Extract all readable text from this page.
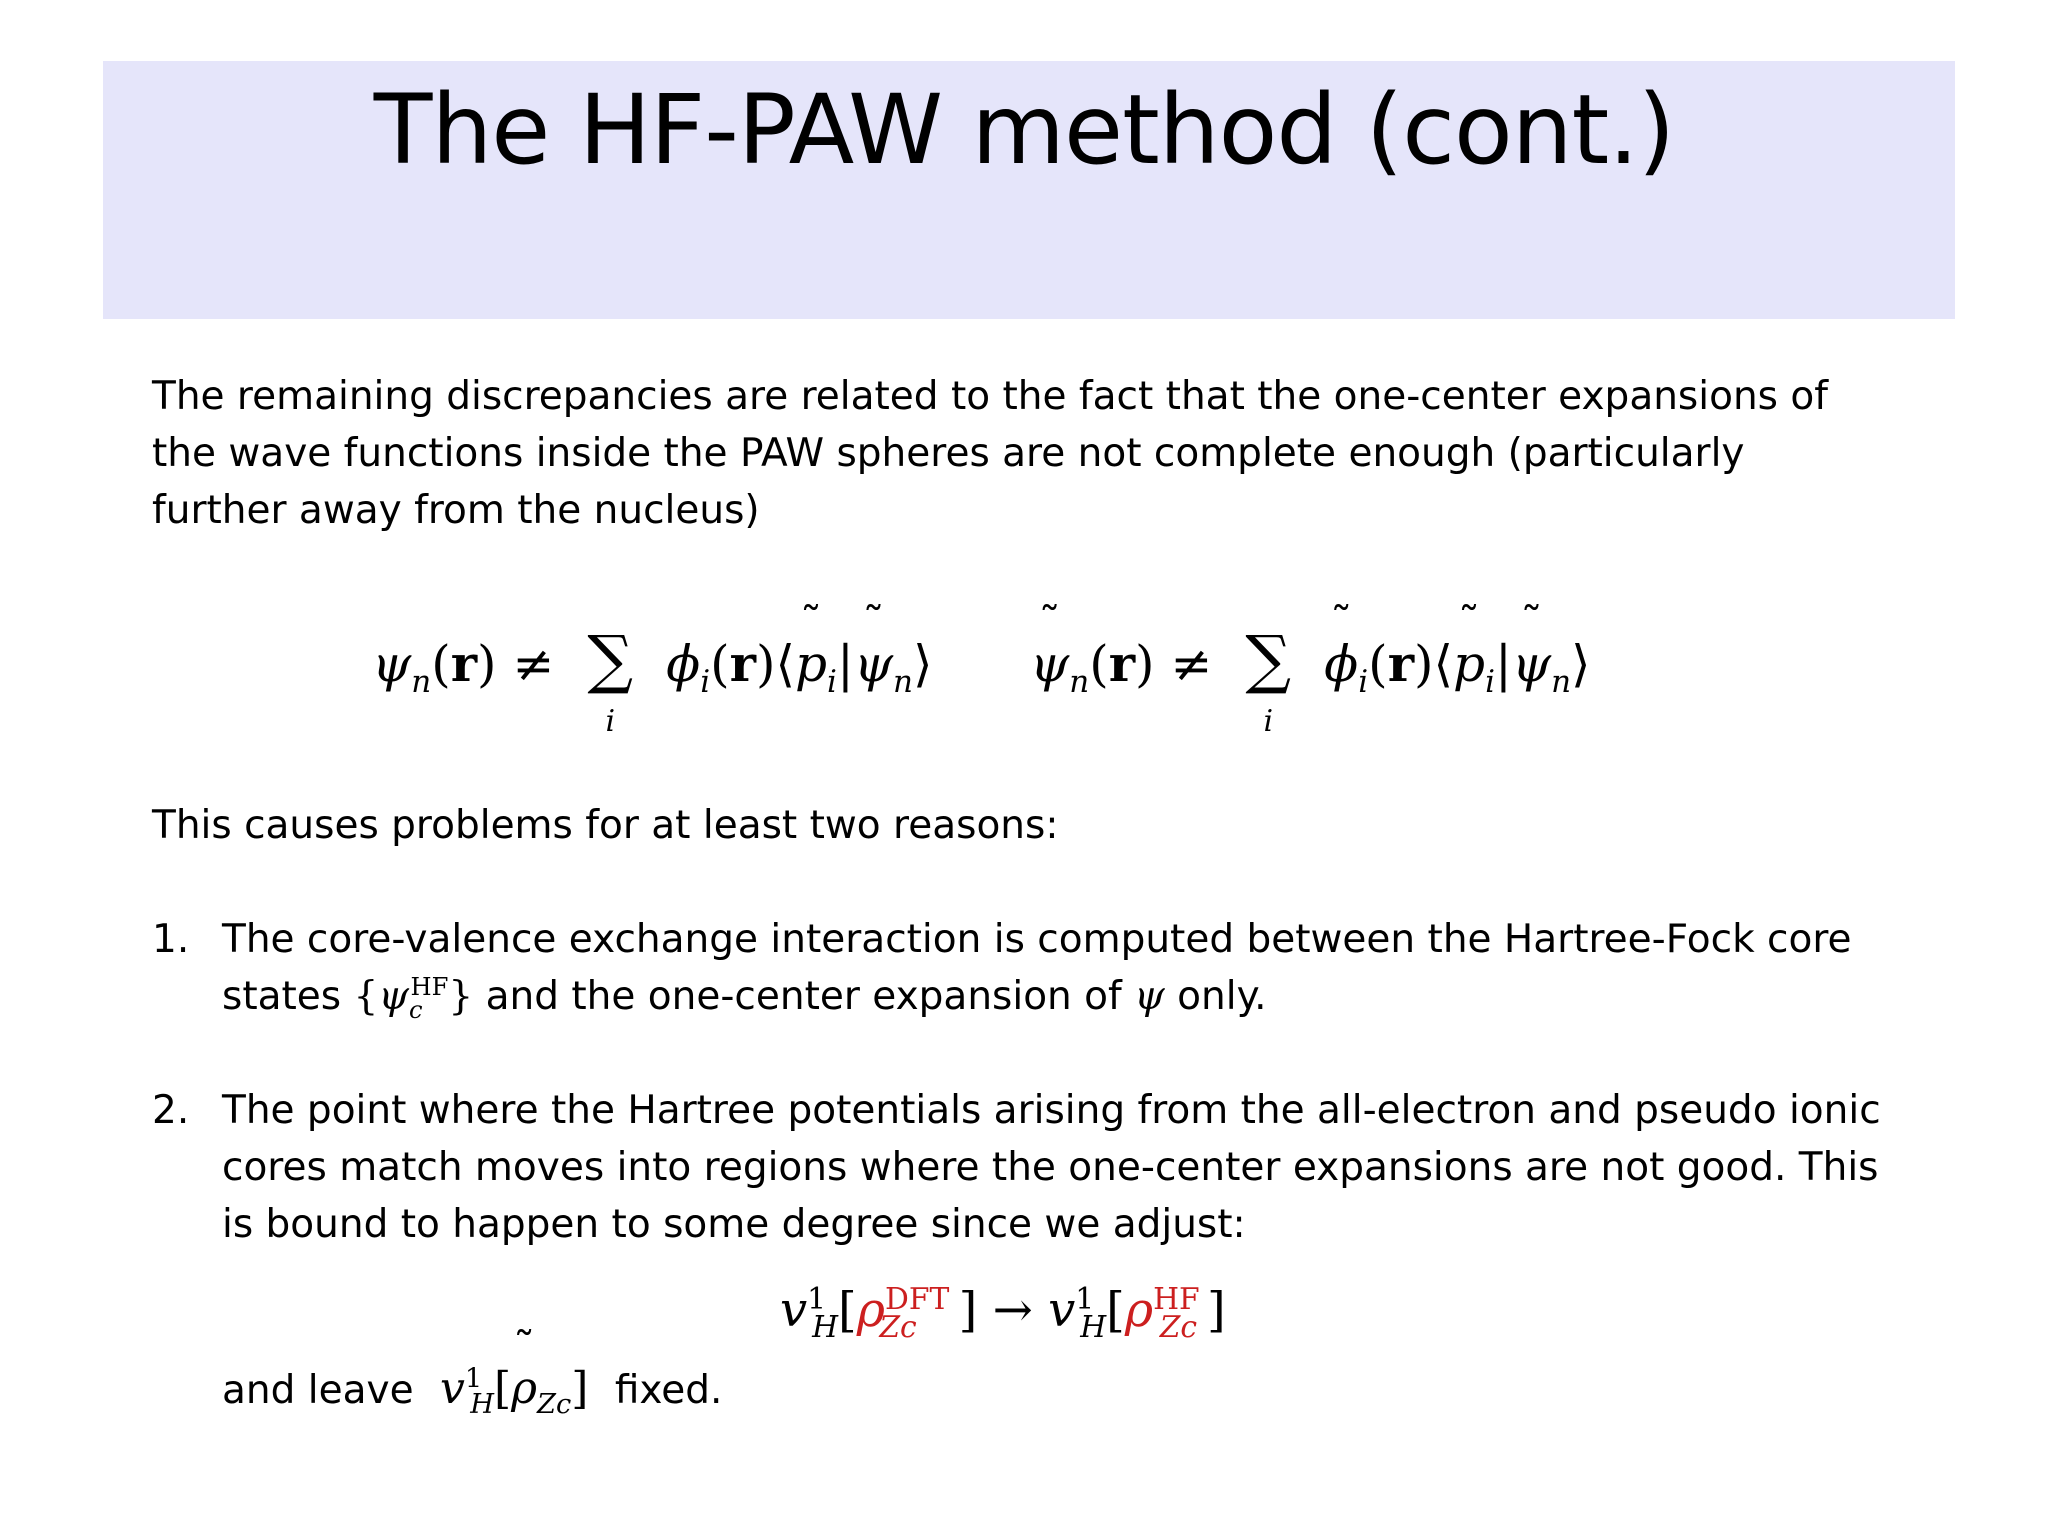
The HF-PAW method (cont.)
The remaining discrepancies are related to the fact that the one-center expansions of the wave functions inside the PAW spheres are not complete enough (particularly further away from the nucleus)
$\psi_n(r)$ ≠ ∑
i
$\phi_i(r)⟨˜$ $p_i|˜$ $\psi_n⟩$
˜ $\psi_n(r)$ ≠ ∑
i
˜ $\phi_i(r)⟨˜$ $p_i|˜$ $\psi_n⟩$
This causes problems for at least two reasons:
1. The core-valence exchange interaction is computed between the Hartree-Fock core states $\{\psi_c^{HF}\}$ and the one-center expansion of ψ only.
2. The point where the Hartree potentials arising from the all-electron and pseudo ionic cores match moves into regions where the one-center expansions are not good. This is bound to happen to some degree since we adjust:
$v^1_H[\rho^{DFT}_{Zc}$ ] → $v^1_H[\rho^{HF}_{Zc}$ ]
and leave $v^1_H[˜$ $\rho_{Zc}$] fixed.
